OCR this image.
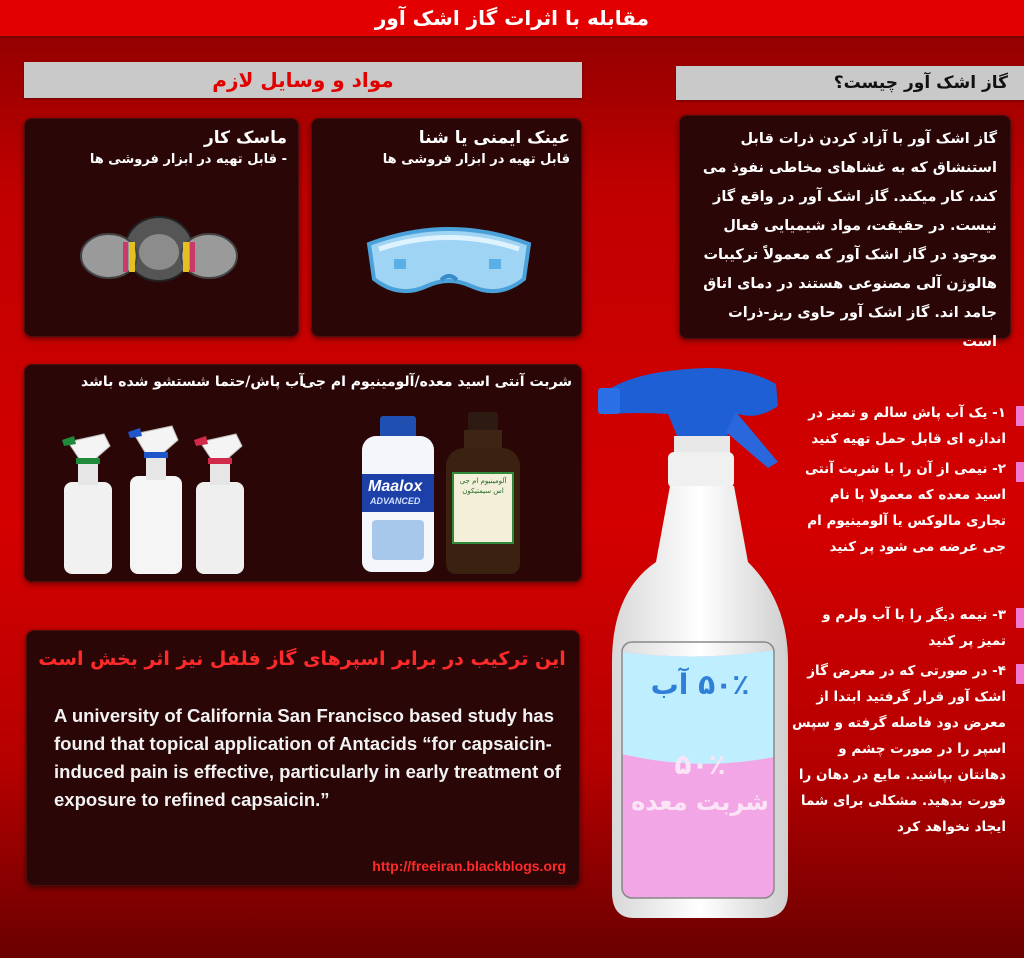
مقابله با اثرات گاز اشک آور
مواد و وسایل لازم	گاز اشک آور چیست؟
عینک ایمنی یا شنا
قابل تهیه در ابزار فروشی ها
ماسک کار
- قابل تهیه در ابزار فروشی ها

گاز اشک آور با آزاد کردن ذرات قابل استنشاق که به غشاهای مخاطی نفوذ می کند، کار میکند. گاز اشک آور در واقع گاز نیست. در حقیقت، مواد شیمیایی فعال موجود در گاز اشک آور که معمولاً ترکیبات هالوژن آلی مصنوعی هستند در دمای اتاق جامد اند. گاز اشک آور حاوی ریز-ذرات است

شربت آنتی اسید معده/آلومینیوم ام جی
آب پاش/حتما شستشو شده باشد
Maalox
ADVANCED
آلومینیوم ام جی اس سیمتیکون
۵۰٪ آب
۵۰٪
شربت معده
۱- یک آب پاش سالم و تمیز در اندازه ای قابل حمل تهیه کنید
۲- نیمی از آن را با شربت آنتی اسید معده که معمولا با نام تجاری مالوکس یا آلومینیوم ام جی عرضه می شود پر کنید
۳- نیمه دیگر را با آب ولرم و تمیز پر کنید
۴- در صورتی که در معرض گاز اشک آور قرار گرفتید ابتدا از معرض دود فاصله گرفته و سپس اسپر را در صورت چشم و دهانتان بپاشید. مایع در دهان را فورت بدهید. مشکلی برای شما ایجاد نخواهد کرد
این ترکیب در برابر اسپرهای گاز فلفل نیز اثر بخش است
A university of California San Francisco based study has found that topical application of Antacids “for capsaicin-induced pain is effective, particularly in early treatment of exposure to refined capsaicin.”
http://freeiran.blackblogs.org
